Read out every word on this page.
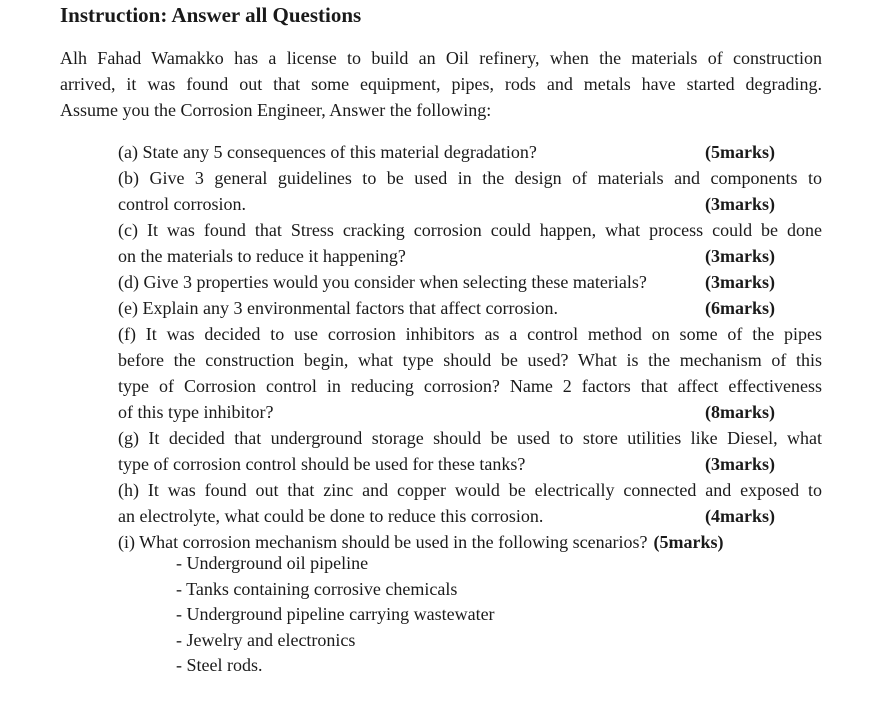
Instruction: Answer all Questions
Alh Fahad Wamakko has a license to build an Oil refinery, when the materials of construction
arrived, it was found out that some equipment, pipes, rods and metals have started degrading.
Assume you the Corrosion Engineer, Answer the following:
(a) State any 5 consequences of this material degradation?	(5marks)
(b) Give 3 general guidelines to be used in the design of materials and components to
control corrosion.	(3marks)
(c) It was found that Stress cracking corrosion could happen, what process could be done
on the materials to reduce it happening?	(3marks)
(d) Give 3 properties would you consider when selecting these materials?	(3marks)
(e) Explain any 3 environmental factors that affect corrosion.	(6marks)
(f) It was decided to use corrosion inhibitors as a control method on some of the pipes
before the construction begin, what type should be used? What is the mechanism of this
type of Corrosion control in reducing corrosion? Name 2 factors that affect effectiveness
of this type inhibitor?	(8marks)
(g) It decided that underground storage should be used to store utilities like Diesel, what
type of corrosion control should be used for these tanks?	(3marks)
(h) It was found out that zinc and copper would be electrically connected and exposed to
an electrolyte, what could be done to reduce this corrosion.	(4marks)
(i) What corrosion mechanism should be used in the following scenarios? (5marks)
- Underground oil pipeline
- Tanks containing corrosive chemicals
- Underground pipeline carrying wastewater
- Jewelry and electronics
- Steel rods.
